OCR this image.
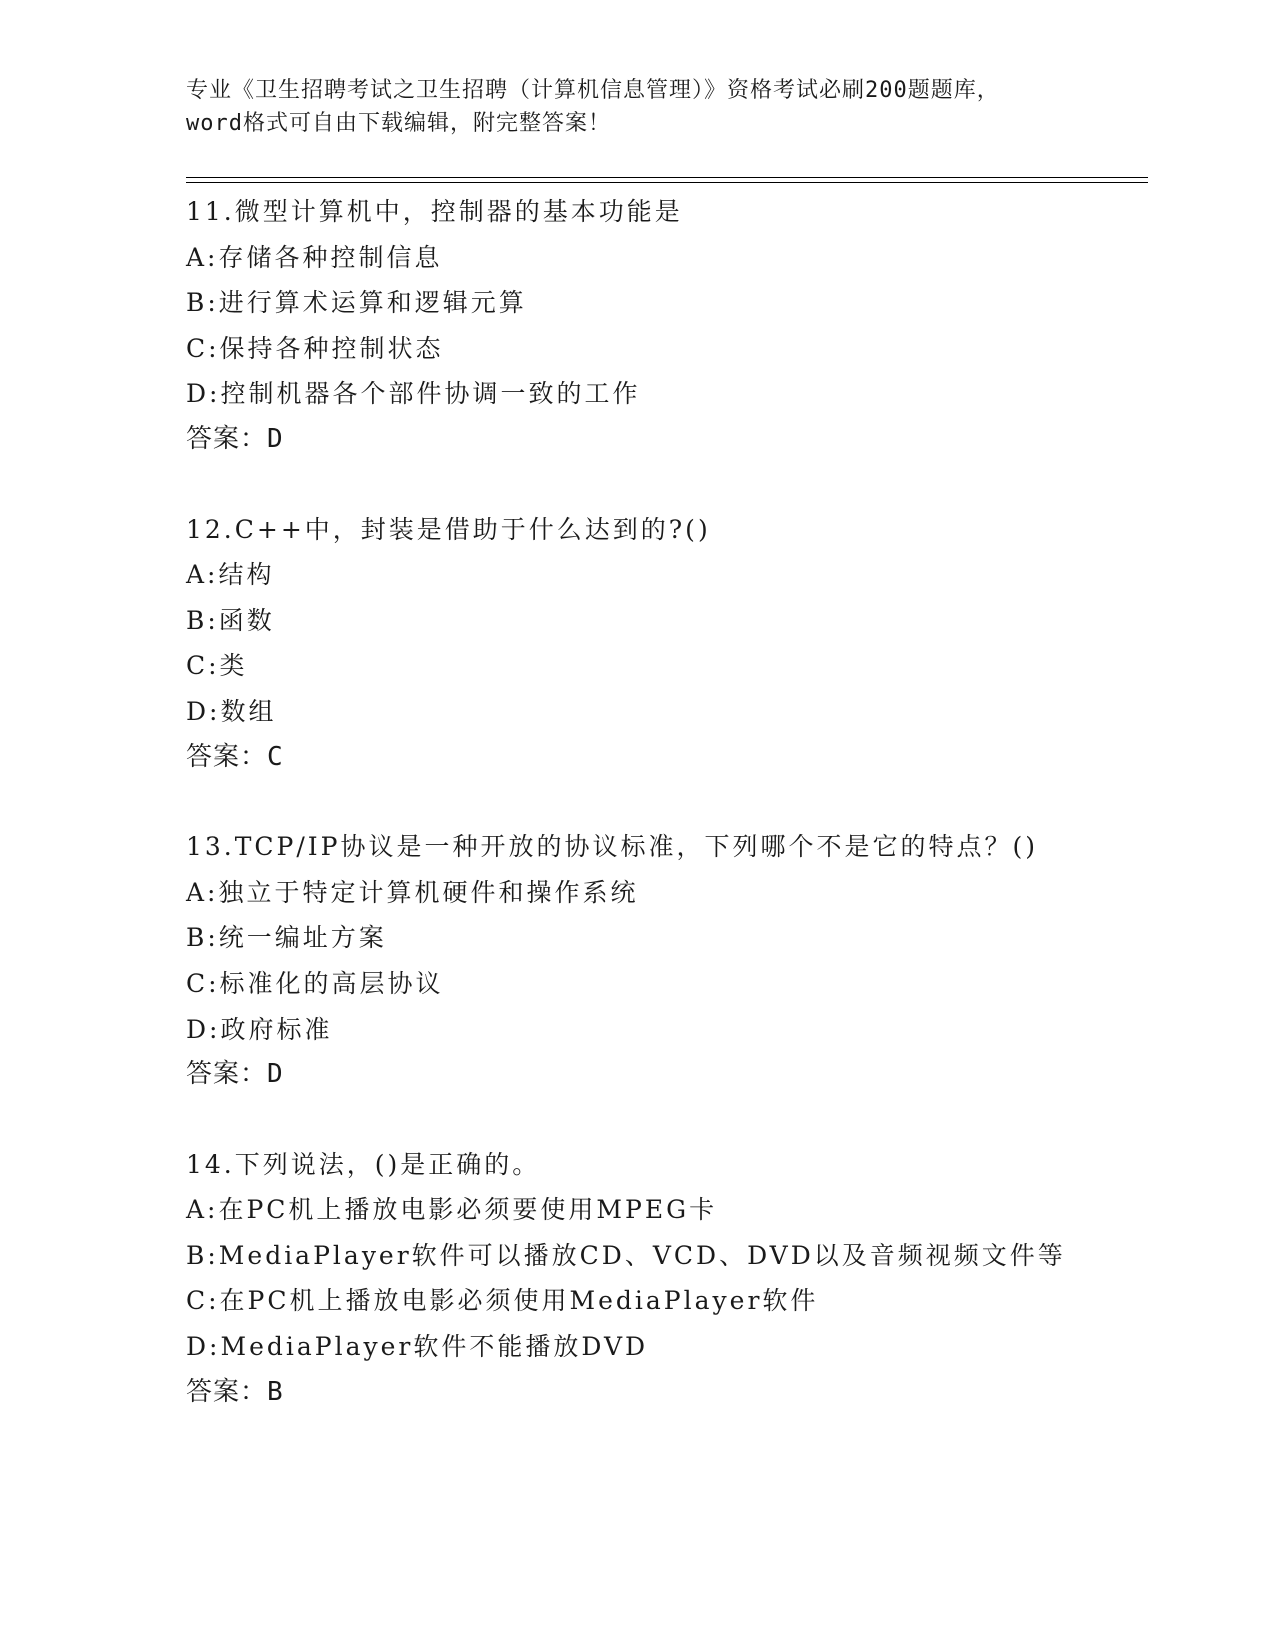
专业《卫生招聘考试之卫生招聘（计算机信息管理）》资格考试必刷200题题库，
word格式可自由下载编辑，附完整答案！
11.微型计算机中，控制器的基本功能是
A:存储各种控制信息
B:进行算术运算和逻辑元算
C:保持各种控制状态
D:控制机器各个部件协调一致的工作
答案：D
12.C++中，封装是借助于什么达到的?()
A:结构
B:函数
C:类
D:数组
答案：C
13.TCP/IP协议是一种开放的协议标准，下列哪个不是它的特点？()
A:独立于特定计算机硬件和操作系统
B:统一编址方案
C:标准化的高层协议
D:政府标准
答案：D
14.下列说法，()是正确的。
A:在PC机上播放电影必须要使用MPEG卡
B:MediaPlayer软件可以播放CD、VCD、DVD以及音频视频文件等
C:在PC机上播放电影必须使用MediaPlayer软件
D:MediaPlayer软件不能播放DVD
答案：B
